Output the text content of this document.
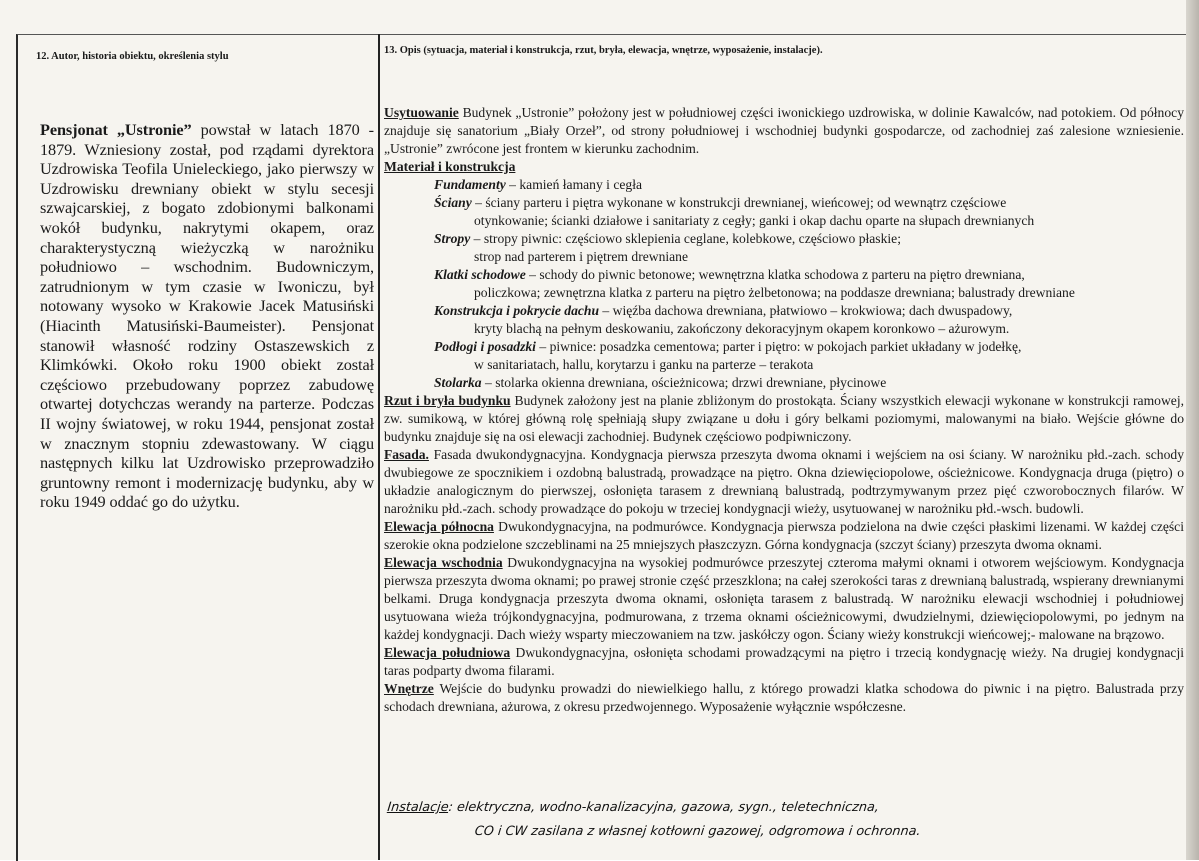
12. Autor, historia obiektu, określenia stylu
13. Opis (sytuacja, materiał i konstrukcja, rzut, bryła, elewacja, wnętrze, wyposażenie, instalacje).
Pensjonat „Ustronie” powstał w latach 1870 - 1879. Wzniesiony został, pod rządami dyrektora Uzdrowiska Teofila Unieleckiego, jako pierwszy w Uzdrowisku drewniany obiekt w stylu secesji szwajcarskiej, z bogato zdobionymi balkonami wokół budynku, nakrytymi okapem, oraz charakterystyczną wieżyczką w narożniku południowo – wschodnim. Budowniczym, zatrudnionym w tym czasie w Iwoniczu, był notowany wysoko w Krakowie Jacek Matusiński (Hiacinth Matusiński-Baumeister). Pensjonat stanowił własność rodziny Ostaszewskich z Klimkówki. Około roku 1900 obiekt został częściowo przebudowany poprzez zabudowę otwartej dotychczas werandy na parterze. Podczas II wojny światowej, w roku 1944, pensjonat został w znacznym stopniu zdewastowany. W ciągu następnych kilku lat Uzdrowisko przeprowadziło gruntowny remont i modernizację budynku, aby w roku 1949 oddać go do użytku.

Usytuowanie Budynek „Ustronie” położony jest w południowej części iwonickiego uzdrowiska, w dolinie Kawalców, nad potokiem. Od północy znajduje się sanatorium „Biały Orzeł”, od strony południowej i wschodniej budynki gospodarcze, od zachodniej zaś zalesione wzniesienie. „Ustronie” zwrócone jest frontem w kierunku zachodnim.

Materiał i konstrukcja

Fundamenty – kamień łamany i cegła

Ściany – ściany parteru i piętra wykonane w konstrukcji drewnianej, wieńcowej; od wewnątrz częściowe

otynkowanie; ścianki działowe i sanitariaty z cegły; ganki i okap dachu oparte na słupach drewnianych

Stropy – stropy piwnic: częściowo sklepienia ceglane, kolebkowe, częściowo płaskie;

strop nad parterem i piętrem drewniane

Klatki schodowe – schody do piwnic betonowe; wewnętrzna klatka schodowa z parteru na piętro drewniana,

policzkowa; zewnętrzna klatka z parteru na piętro żelbetonowa; na poddasze drewniana; balustrady drewniane

Konstrukcja i pokrycie dachu – więźba dachowa drewniana, płatwiowo – krokwiowa; dach dwuspadowy,

kryty blachą na pełnym deskowaniu, zakończony dekoracyjnym okapem koronkowo – ażurowym.

Podłogi i posadzki – piwnice: posadzka cementowa; parter i piętro: w pokojach parkiet układany w jodełkę,

w sanitariatach, hallu, korytarzu i ganku na parterze – terakota

Stolarka – stolarka okienna drewniana, ościeżnicowa; drzwi drewniane, płycinowe

Rzut i bryła budynku Budynek założony jest na planie zbliżonym do prostokąta. Ściany wszystkich elewacji wykonane w konstrukcji ramowej, zw. sumikową, w której główną rolę spełniają słupy związane u dołu i góry belkami poziomymi, malowanymi na biało. Wejście główne do budynku znajduje się na osi elewacji zachodniej. Budynek częściowo podpiwniczony.

Fasada. Fasada dwukondygnacyjna. Kondygnacja pierwsza przeszyta dwoma oknami i wejściem na osi ściany. W narożniku płd.-zach. schody dwubiegowe ze spocznikiem i ozdobną balustradą, prowadzące na piętro. Okna dziewięciopolowe, ościeżnicowe. Kondygnacja druga (piętro) o układzie analogicznym do pierwszej, osłonięta tarasem z drewnianą balustradą, podtrzymywanym przez pięć czworobocznych filarów. W narożniku płd.-zach. schody prowadzące do pokoju w trzeciej kondygnacji wieży, usytuowanej w narożniku płd.-wsch. budowli.

Elewacja północna Dwukondygnacyjna, na podmurówce. Kondygnacja pierwsza podzielona na dwie części płaskimi lizenami. W każdej części szerokie okna podzielone szczeblinami na 25 mniejszych płaszczyzn. Górna kondygnacja (szczyt ściany) przeszyta dwoma oknami.

Elewacja wschodnia Dwukondygnacyjna na wysokiej podmurówce przeszytej czteroma małymi oknami i otworem wejściowym. Kondygnacja pierwsza przeszyta dwoma oknami; po prawej stronie część przeszklona; na całej szerokości taras z drewnianą balustradą, wspierany drewnianymi belkami. Druga kondygnacja przeszyta dwoma oknami, osłonięta tarasem z balustradą. W narożniku elewacji wschodniej i południowej usytuowana wieża trójkondygnacyjna, podmurowana, z trzema oknami ościeżnicowymi, dwudzielnymi, dziewięciopolowymi, po jednym na każdej kondygnacji. Dach wieży wsparty mieczowaniem na tzw. jaskółczy ogon. Ściany wieży konstrukcji wieńcowej;- malowane na brązowo.

Elewacja południowa Dwukondygnacyjna, osłonięta schodami prowadzącymi na piętro i trzecią kondygnację wieży. Na drugiej kondygnacji taras podparty dwoma filarami.

Wnętrze Wejście do budynku prowadzi do niewielkiego hallu, z którego prowadzi klatka schodowa do piwnic i na piętro. Balustrada przy schodach drewniana, ażurowa, z okresu przedwojennego. Wyposażenie wyłącznie współczesne.

Instalacje: elektryczna, wodno-kanalizacyjna, gazowa, sygn., teletechniczna,
CO i CW zasilana z własnej kotłowni gazowej, odgromowa i ochronna.
